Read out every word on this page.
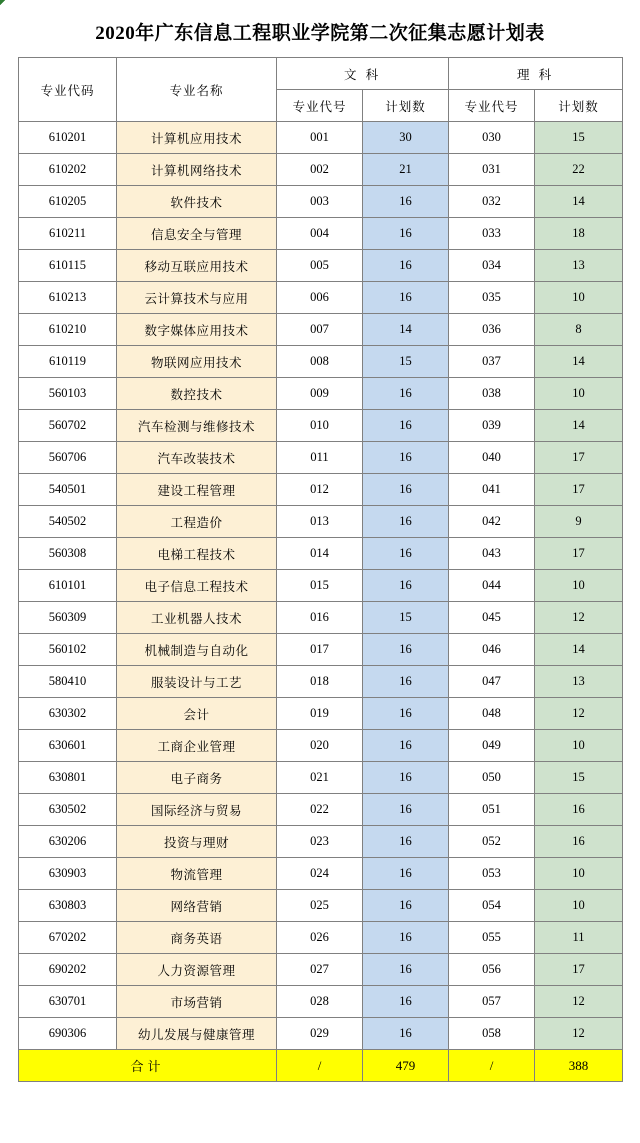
2020年广东信息工程职业学院第二次征集志愿计划表
专业代码	专业名称	文 科		理 科	
		专业代号	计划数	专业代号	计划数
610201	计算机应用技术	001	30	030	15
610202	计算机网络技术	002	21	031	22
610205	软件技术	003	16	032	14
610211	信息安全与管理	004	16	033	18
610115	移动互联应用技术	005	16	034	13
610213	云计算技术与应用	006	16	035	10
610210	数字媒体应用技术	007	14	036	8
610119	物联网应用技术	008	15	037	14
560103	数控技术	009	16	038	10
560702	汽车检测与维修技术	010	16	039	14
560706	汽车改装技术	011	16	040	17
540501	建设工程管理	012	16	041	17
540502	工程造价	013	16	042	9
560308	电梯工程技术	014	16	043	17
610101	电子信息工程技术	015	16	044	10
560309	工业机器人技术	016	15	045	12
560102	机械制造与自动化	017	16	046	14
580410	服装设计与工艺	018	16	047	13
630302	会计	019	16	048	12
630601	工商企业管理	020	16	049	10
630801	电子商务	021	16	050	15
630502	国际经济与贸易	022	16	051	16
630206	投资与理财	023	16	052	16
630903	物流管理	024	16	053	10
630803	网络营销	025	16	054	10
670202	商务英语	026	16	055	11
690202	人力资源管理	027	16	056	17
630701	市场营销	028	16	057	12
690306	幼儿发展与健康管理	029	16	058	12
合计		/	479	/	388
